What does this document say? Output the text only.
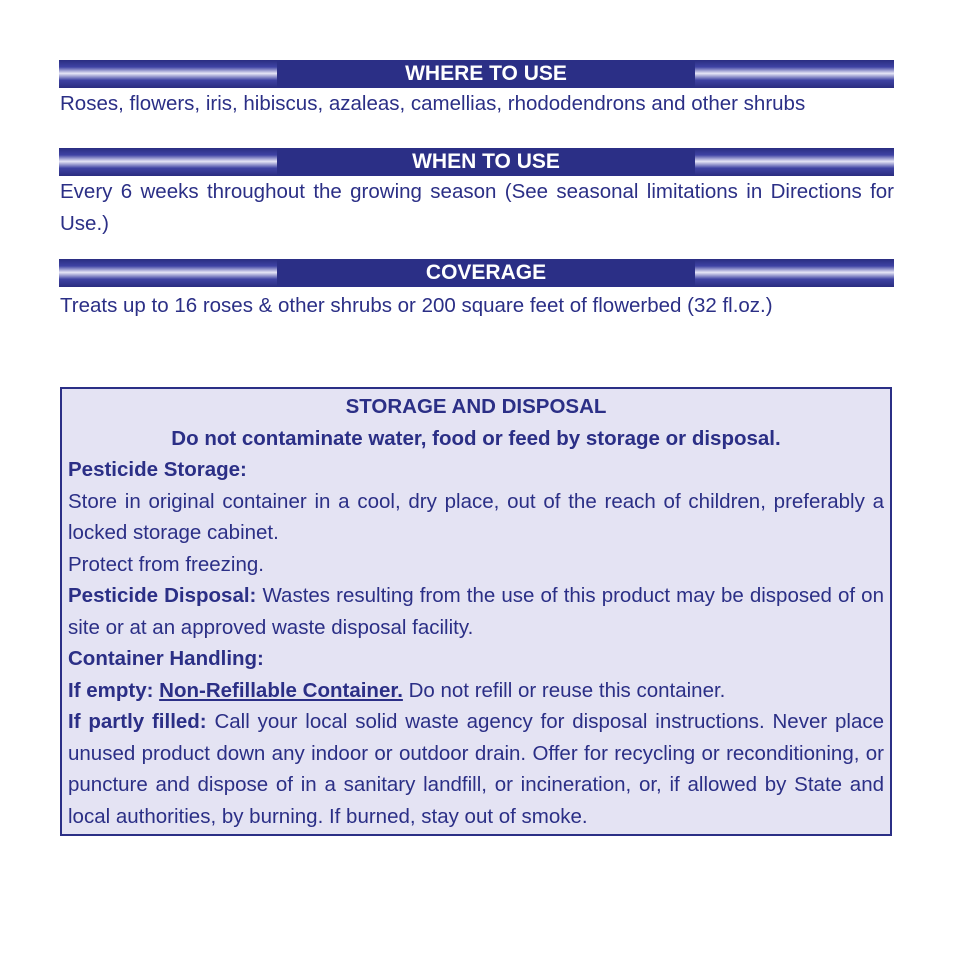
WHERE TO USE
Roses, flowers, iris, hibiscus, azaleas, camellias, rhododendrons and other shrubs
WHEN TO USE
Every 6 weeks throughout the growing season (See seasonal limitations in Directions for Use.)
COVERAGE
Treats up to 16 roses & other shrubs or 200 square feet of flowerbed (32 fl.oz.)

STORAGE AND DISPOSAL

Do not contaminate water, food or feed by storage or disposal.

Pesticide Storage:

Store in original container in a cool, dry place, out of the reach of children, preferably a locked storage cabinet.

Protect from freezing.

Pesticide Disposal: Wastes resulting from the use of this product may be disposed of on site or at an approved waste disposal facility.

Container Handling:

If empty: Non-Refillable Container. Do not refill or reuse this container.

If partly filled: Call your local solid waste agency for disposal instructions. Never place unused product down any indoor or outdoor drain. Offer for recycling or reconditioning, or puncture and dispose of in a sanitary landfill, or incineration, or, if allowed by State and local authorities, by burning. If burned, stay out of smoke.
